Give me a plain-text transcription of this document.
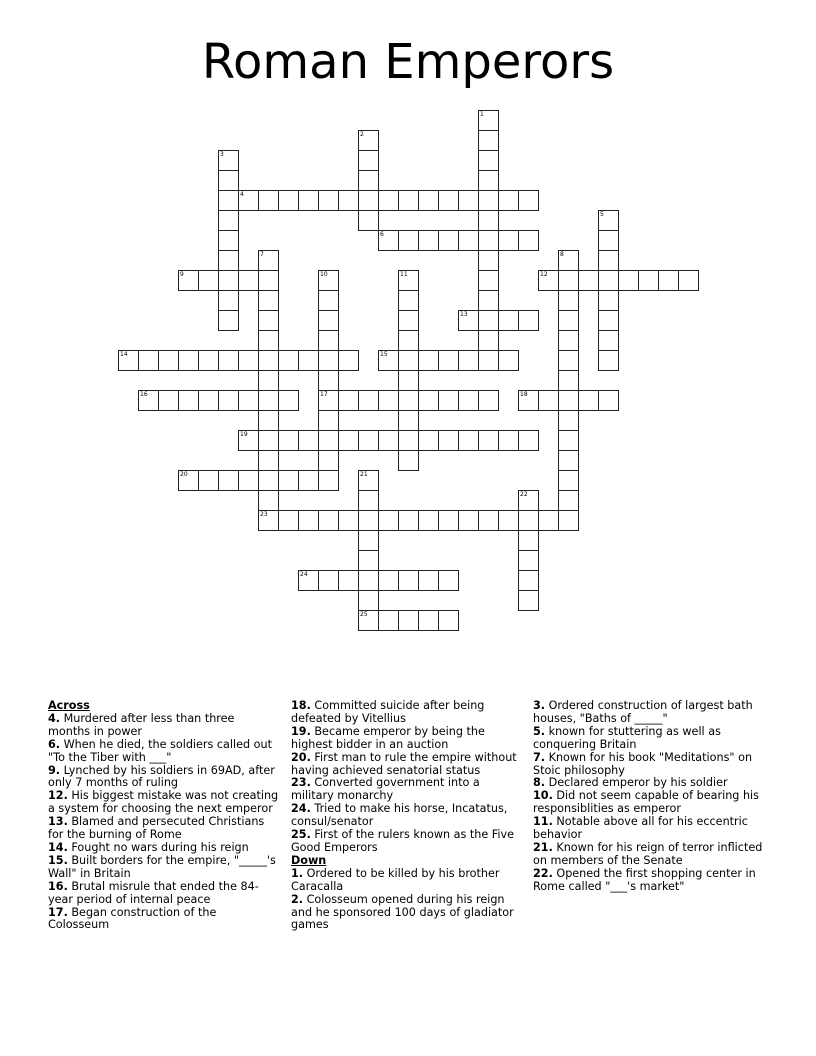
Roman Emperors
1
2
3
4
5
6
7
23
8
9	10
17
11	12
13
14	15
16	18
19
20	21
25
22
24
Across
4. Murdered after less than three months in power
6. When he died, the soldiers called out "To the Tiber with ___"
9. Lynched by his soldiers in 69AD, after only 7 months of ruling
12. His biggest mistake was not creating a system for choosing the next emperor
13. Blamed and persecuted Christians for the burning of Rome
14. Fought no wars during his reign
15. Built borders for the empire, "_____'s Wall" in Britain
16. Brutal misrule that ended the 84-year period of internal peace
17. Began construction of the Colosseum
18. Committed suicide after being defeated by Vitellius
19. Became emperor by being the highest bidder in an auction
20. First man to rule the empire without having achieved senatorial status
23. Converted government into a military monarchy
24. Tried to make his horse, Incatatus, consul/senator
25. First of the rulers known as the Five Good Emperors
Down
1. Ordered to be killed by his brother Caracalla
2. Colosseum opened during his reign and he sponsored 100 days of gladiator games
3. Ordered construction of largest bath houses, "Baths of _____"
5. known for stuttering as well as conquering Britain
7. Known for his book "Meditations" on Stoic philosophy
8. Declared emperor by his soldier
10. Did not seem capable of bearing his responsiblities as emperor
11. Notable above all for his eccentric behavior
21. Known for his reign of terror inflicted on members of the Senate
22. Opened the first shopping center in Rome called "___'s market"
